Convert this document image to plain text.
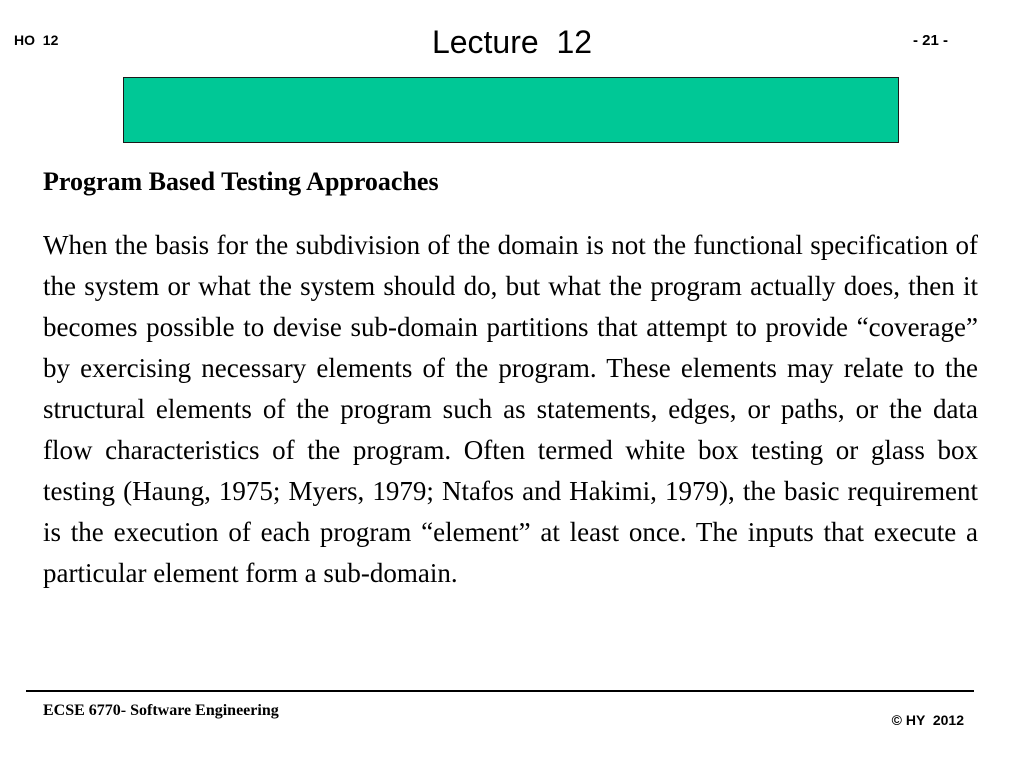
HO  12	Lecture  12	- 21 -
Program Based Testing Approaches

When the basis for the subdivision of the domain is not the functional specification of the system or what the system should do, but what the program actually does, then it becomes possible to devise sub-domain partitions that attempt to provide “coverage” by exercising necessary elements of the program. These elements may relate to the structural elements of the program such as statements, edges, or paths, or the data flow characteristics of the program. Often termed white box testing or glass box testing (Haung, 1975; Myers, 1979; Ntafos and Hakimi, 1979), the basic requirement is the execution of each program “element” at least once. The inputs that execute a particular element form a sub-domain.

ECSE 6770- Software Engineering
© HY  2012
